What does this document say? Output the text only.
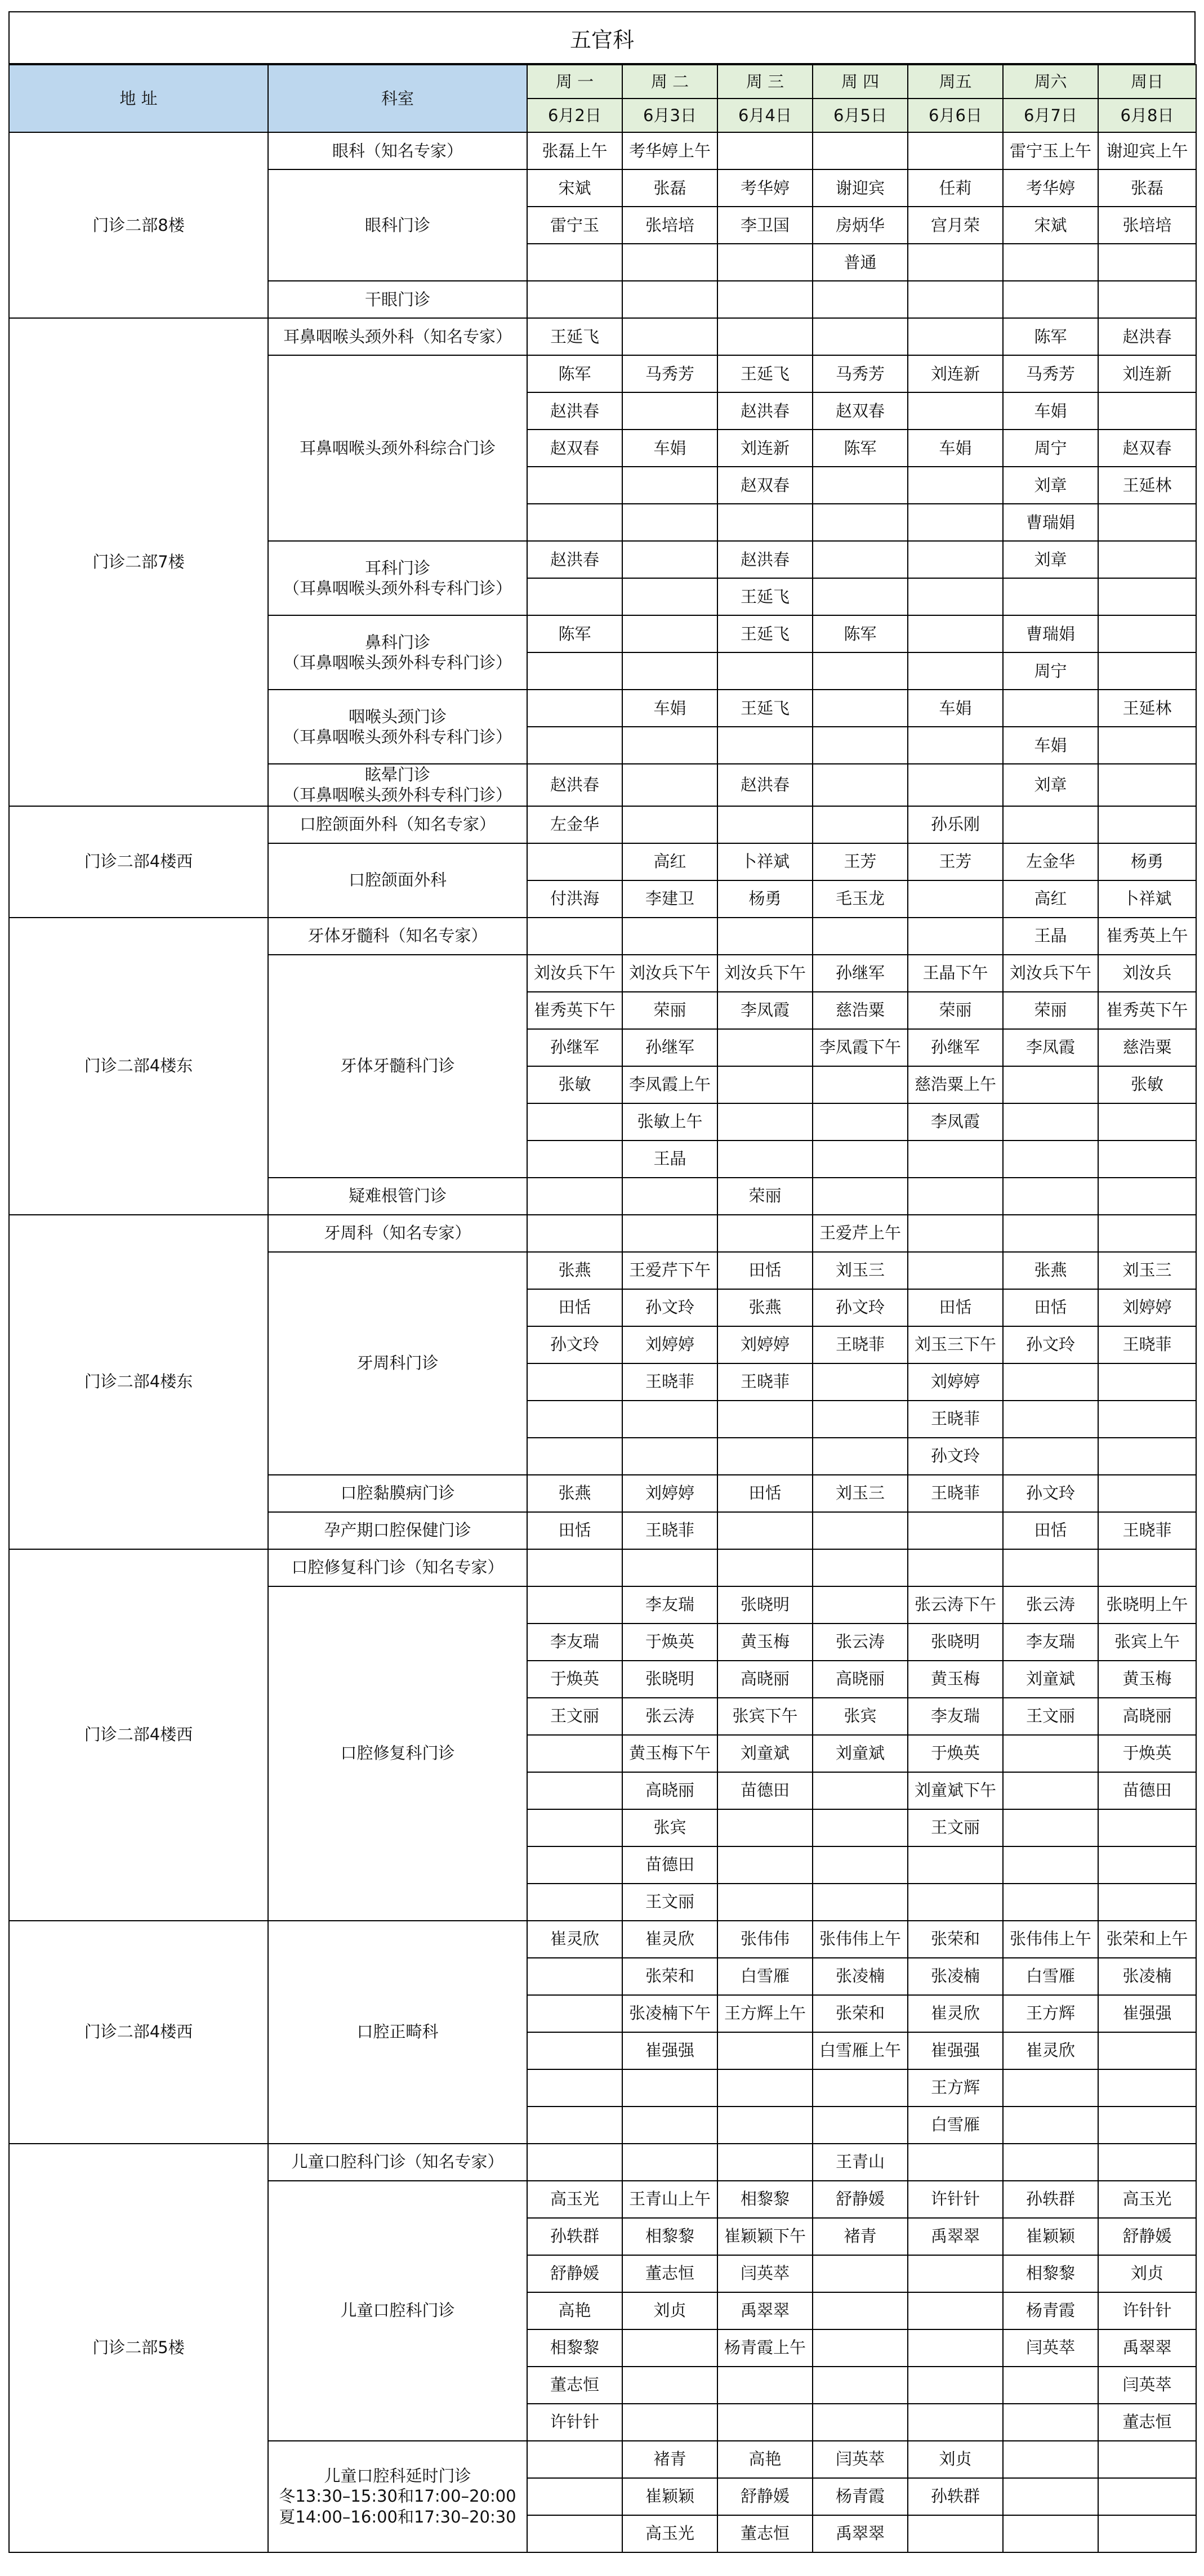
五官科
地 址	科室	周 一	周 二	周 三	周 四	周五	周六	周日
		6月2日	6月3日	6月4日	6月5日	6月6日	6月7日	6月8日
门诊二部8楼	眼科（知名专家）	张磊上午	考华婷上午				雷宁玉上午	谢迎宾上午

	眼科门诊	宋斌	张磊	考华婷	谢迎宾	任莉	考华婷	张磊
		雷宁玉	张培培	李卫国	房炳华	宫月荣	宋斌	张培培
					普通			

	干眼门诊							

门诊二部7楼	耳鼻咽喉头颈外科（知名专家）	王延飞					陈军	赵洪春

	耳鼻咽喉头颈外科综合门诊	陈军	马秀芳	王延飞	马秀芳	刘连新	马秀芳	刘连新
		赵洪春		赵洪春	赵双春		车娟	
		赵双春	车娟	刘连新	陈军	车娟	周宁	赵双春
				赵双春			刘章	王延林
							曹瑞娟	

	耳科门诊
（耳鼻咽喉头颈外科专科门诊）	赵洪春		赵洪春			刘章	
				王延飞				

	鼻科门诊
（耳鼻咽喉头颈外科专科门诊）	陈军		王延飞	陈军		曹瑞娟	
							周宁	

	咽喉头颈门诊
（耳鼻咽喉头颈外科专科门诊）		车娟	王延飞		车娟		王延林
							车娟	

	眩晕门诊
（耳鼻咽喉头颈外科专科门诊）	赵洪春		赵洪春			刘章	
门诊二部4楼西	口腔颌面外科（知名专家）	左金华				孙乐刚		

	口腔颌面外科		高红	卜祥斌	王芳	王芳	左金华	杨勇
		付洪海	李建卫	杨勇	毛玉龙		高红	卜祥斌
门诊二部4楼东	牙体牙髓科（知名专家）						王晶	崔秀英上午

	牙体牙髓科门诊	刘汝兵下午	刘汝兵下午	刘汝兵下午	孙继军	王晶下午	刘汝兵下午	刘汝兵
		崔秀英下午	荣丽	李凤霞	慈浩粟	荣丽	荣丽	崔秀英下午
		孙继军	孙继军		李凤霞下午	孙继军	李凤霞	慈浩粟
		张敏	李凤霞上午			慈浩粟上午		张敏
			张敏上午			李凤霞		
			王晶					

	疑难根管门诊			荣丽				
门诊二部4楼东	牙周科（知名专家）				王爱芹上午			

	牙周科门诊	张燕	王爱芹下午	田恬	刘玉三		张燕	刘玉三
		田恬	孙文玲	张燕	孙文玲	田恬	田恬	刘婷婷
		孙文玲	刘婷婷	刘婷婷	王晓菲	刘玉三下午	孙文玲	王晓菲
			王晓菲	王晓菲		刘婷婷		
						王晓菲		
						孙文玲		

	口腔黏膜病门诊	张燕	刘婷婷	田恬	刘玉三	王晓菲	孙文玲	

	孕产期口腔保健门诊	田恬	王晓菲				田恬	王晓菲
门诊二部4楼西	口腔修复科门诊（知名专家）							

	口腔修复科门诊		李友瑞	张晓明		张云涛下午	张云涛	张晓明上午
		李友瑞	于焕英	黄玉梅	张云涛	张晓明	李友瑞	张宾上午
		于焕英	张晓明	高晓丽	高晓丽	黄玉梅	刘童斌	黄玉梅
		王文丽	张云涛	张宾下午	张宾	李友瑞	王文丽	高晓丽
			黄玉梅下午	刘童斌	刘童斌	于焕英		于焕英
			高晓丽	苗德田		刘童斌下午		苗德田
			张宾			王文丽		
			苗德田					
			王文丽					
门诊二部4楼西	口腔正畸科	崔灵欣	崔灵欣	张伟伟	张伟伟上午	张荣和	张伟伟上午	张荣和上午
			张荣和	白雪雁	张凌楠	张凌楠	白雪雁	张凌楠
			张凌楠下午	王方辉上午	张荣和	崔灵欣	王方辉	崔强强
			崔强强		白雪雁上午	崔强强	崔灵欣	
						王方辉		
						白雪雁		
门诊二部5楼	儿童口腔科门诊（知名专家）				王青山			

	儿童口腔科门诊	高玉光	王青山上午	相黎黎	舒静媛	许针针	孙轶群	高玉光
		孙轶群	相黎黎	崔颖颖下午	褚青	禹翠翠	崔颖颖	舒静媛
		舒静媛	董志恒	闫英萃			相黎黎	刘贞
		高艳	刘贞	禹翠翠			杨青霞	许针针
		相黎黎		杨青霞上午			闫英萃	禹翠翠
		董志恒						闫英萃
		许针针						董志恒

	儿童口腔科延时门诊
冬13:30–15:30和17:00–20:00
夏14:00–16:00和17:30–20:30		褚青	高艳	闫英萃	刘贞		
			崔颖颖	舒静媛	杨青霞	孙轶群		
			高玉光	董志恒	禹翠翠			
